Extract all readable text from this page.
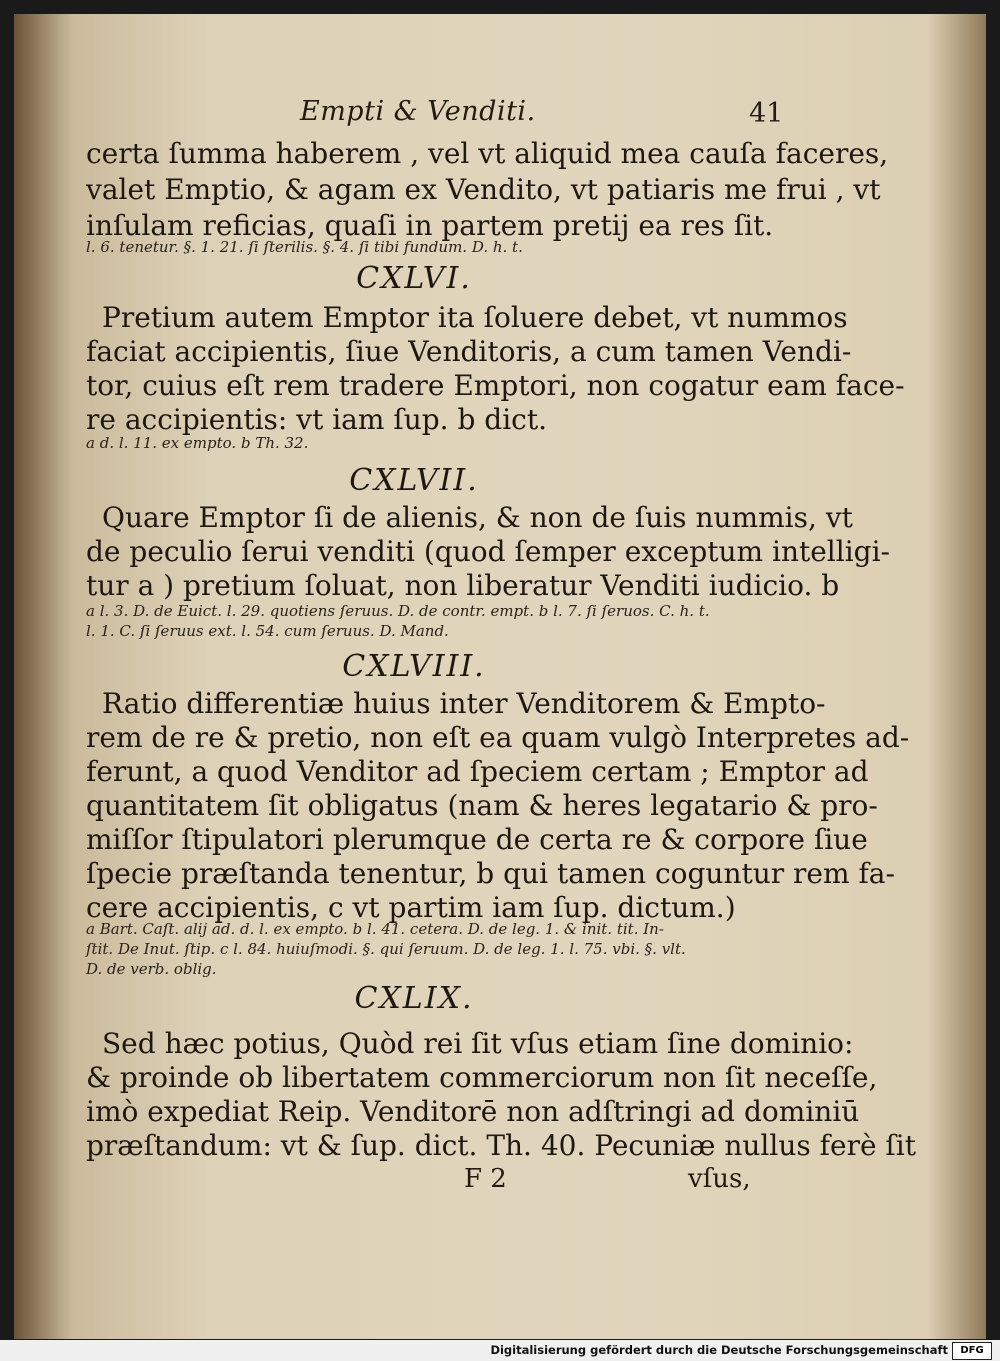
Empti & Venditi.	41
certa ſumma haberem , vel vt aliquid mea cauſa faceres,
valet Emptio, & agam ex Vendito, vt patiaris me frui , vt
inſulam reficias, quaſi in partem pretij ea res ſit.
l. 6. tenetur. §. 1. 21. ſi ſterilis. §. 4. ſi tibi fundum. D. h. t.
CXLVI.
Pretium autem Emptor ita ſoluere debet, vt nummos
faciat accipientis, ſiue Venditoris, a cum tamen Vendi-
tor, cuius eſt rem tradere Emptori, non cogatur eam face-
re accipientis: vt iam ſup. b dict.
a d. l. 11. ex empto. b Th. 32.
CXLVII.
Quare Emptor ſi de alienis, & non de ſuis nummis, vt
de peculio ſerui venditi (quod ſemper exceptum intelligi-
tur a ) pretium ſoluat, non liberatur Venditi iudicio. b
a l. 3. D. de Euict. l. 29. quotiens ſeruus. D. de contr. empt. b l. 7. ſi ſeruos. C. h. t.
l. 1. C. ſi ſeruus ext. l. 54. cum ſeruus. D. Mand.
CXLVIII.
Ratio differentiæ huius inter Venditorem & Empto-
rem de re & pretio, non eſt ea quam vulgò Interpretes ad-
ferunt, a quod Venditor ad ſpeciem certam ; Emptor ad
quantitatem ſit obligatus (nam & heres legatario & pro-
miſſor ſtipulatori plerumque de certa re & corpore ſiue
ſpecie præſtanda tenentur, b qui tamen coguntur rem fa-
cere accipientis, c vt partim iam ſup. dictum.)
a Bart. Caſt. alij ad. d. l. ex empto. b l. 41. cetera. D. de leg. 1. & init. tit. In-
ſtit. De Inut. ſtip. c l. 84. huiuſmodi. §. qui ſeruum. D. de leg. 1. l. 75. vbi. §. vlt.
D. de verb. oblig.
CXLIX.
Sed hæc potius, Quòd rei ſit vſus etiam ſine dominio:
& proinde ob libertatem commerciorum non ſit neceſſe,
imò expediat Reip. Venditorē non adſtringi ad dominiū
præſtandum: vt & ſup. dict. Th. 40. Pecuniæ nullus ferè ſit
F 2	vſus,
Digitalisierung gefördert durch die Deutsche Forschungsgemeinschaft	DFG
